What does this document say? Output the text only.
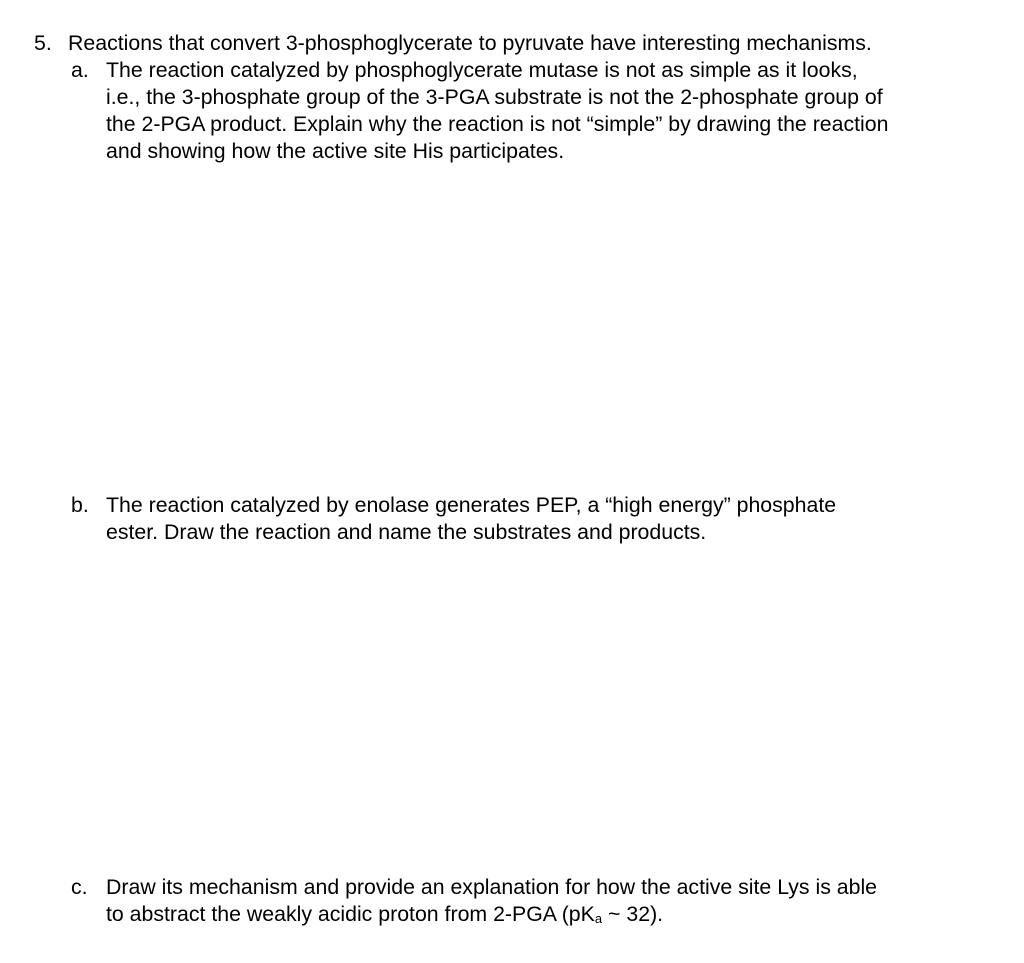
5. Reactions that convert 3-phosphoglycerate to pyruvate have interesting mechanisms.
a. The reaction catalyzed by phosphoglycerate mutase is not as simple as it looks,
i.e., the 3-phosphate group of the 3-PGA substrate is not the 2-phosphate group of
the 2-PGA product. Explain why the reaction is not “simple” by drawing the reaction
and showing how the active site His participates.
b. The reaction catalyzed by enolase generates PEP, a “high energy” phosphate
ester. Draw the reaction and name the substrates and products.
c. Draw its mechanism and provide an explanation for how the active site Lys is able
to abstract the weakly acidic proton from 2-PGA ($pK_a$ ~ 32).
